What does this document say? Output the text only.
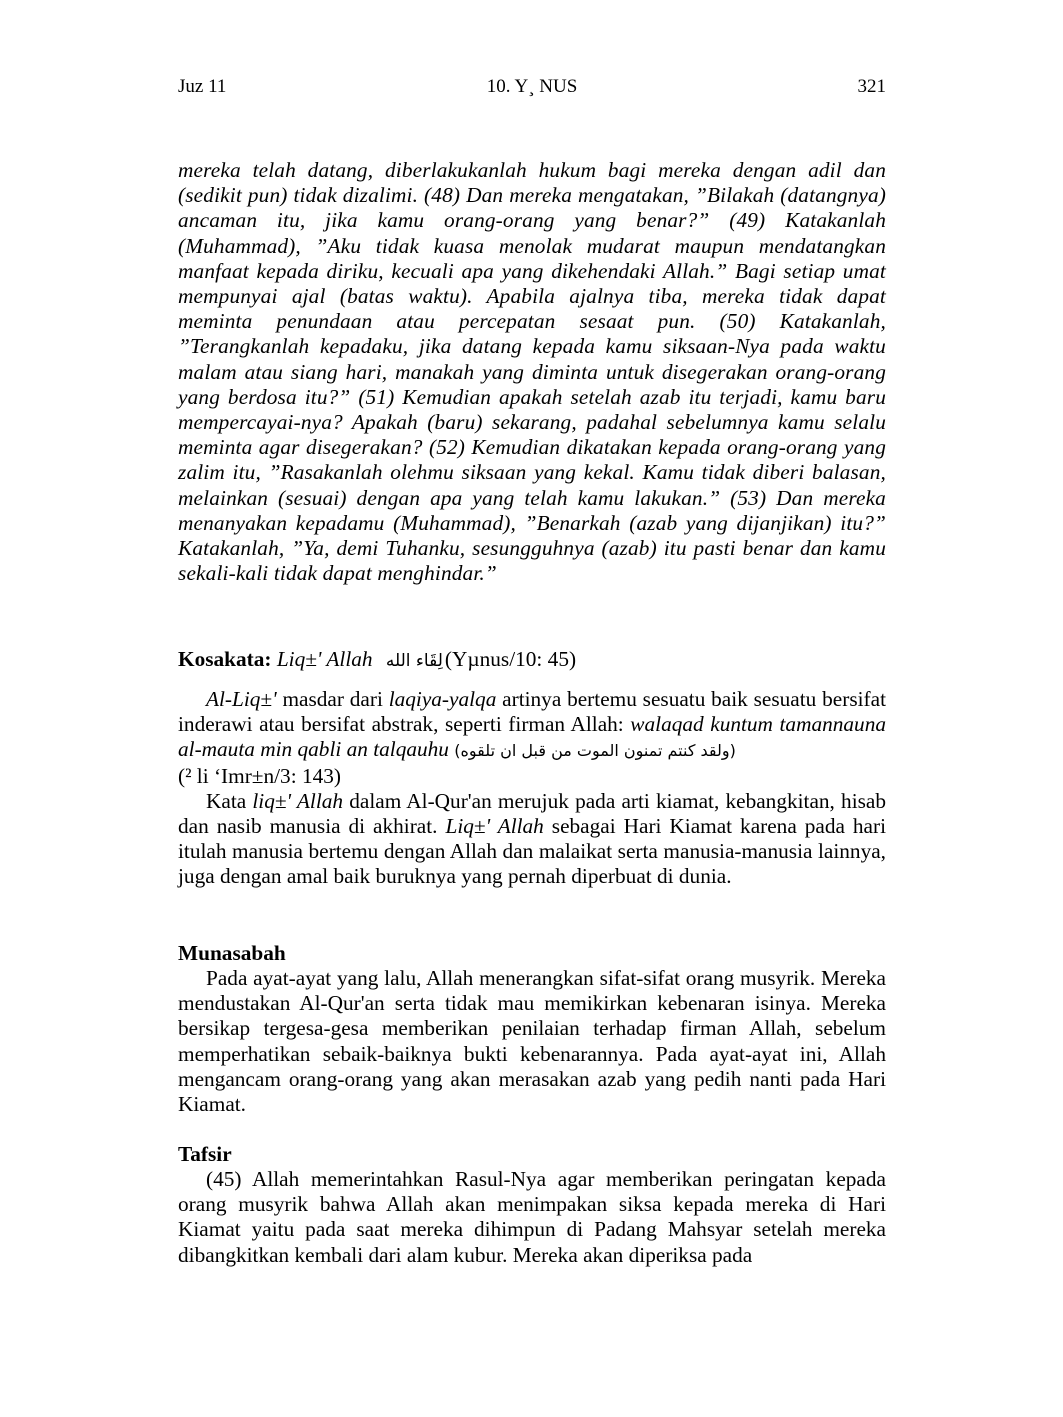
Juz 11	10. Y¸ NUS	321

mereka telah datang, diberlakukanlah hukum bagi mereka dengan adil dan (sedikit pun) tidak dizalimi. (48) Dan mereka mengatakan, ”Bilakah (datangnya) ancaman itu, jika kamu orang-orang yang benar?” (49) Katakanlah (Muhammad), ”Aku tidak kuasa menolak mudarat maupun mendatangkan manfaat kepada diriku, kecuali apa yang dikehendaki Allah.” Bagi setiap umat mempunyai ajal (batas waktu). Apabila ajalnya tiba, mereka tidak dapat meminta penundaan atau percepatan sesaat pun. (50) Katakanlah, ”Terangkanlah kepadaku, jika datang kepada kamu siksaan-Nya pada waktu malam atau siang hari, manakah yang diminta untuk disegerakan orang-orang yang berdosa itu?” (51) Kemudian apakah setelah azab itu terjadi, kamu baru mempercayai-nya? Apakah (baru) sekarang, padahal sebelumnya kamu selalu meminta agar disegerakan? (52) Kemudian dikatakan kepada orang-orang yang zalim itu, ”Rasakanlah olehmu siksaan yang kekal. Kamu tidak diberi balasan, melainkan (sesuai) dengan apa yang telah kamu lakukan.” (53) Dan mereka menanyakan kepadamu (Muhammad), ”Benarkah (azab yang dijanjikan) itu?” Katakanlah, ”Ya, demi Tuhanku, sesungguhnya (azab) itu pasti benar dan kamu sekali-kali tidak dapat menghindar.”

Kosakata: Liq±' Allah لِقَاء الله(Yµnus/10: 45)

Al-Liq±' masdar dari laqiya-yalqa artinya bertemu sesuatu baik sesuatu bersifat inderawi atau bersifat abstrak, seperti firman Allah: walaqad kuntum tamannauna al-mauta min qabli an talqauhu (ولقد كنتم تمنون الموت من قبل ان تلقوه)
(² li ‘Imr±n/3: 143)

Kata liq±' Allah dalam Al-Qur'an merujuk pada arti kiamat, kebangkitan, hisab dan nasib manusia di akhirat. Liq±' Allah sebagai Hari Kiamat karena pada hari itulah manusia bertemu dengan Allah dan malaikat serta manusia-manusia lainnya, juga dengan amal baik buruknya yang pernah diperbuat di dunia.

Munasabah

Pada ayat-ayat yang lalu, Allah menerangkan sifat-sifat orang musyrik. Mereka mendustakan Al-Qur'an serta tidak mau memikirkan kebenaran isinya. Mereka bersikap tergesa-gesa memberikan penilaian terhadap firman Allah, sebelum memperhatikan sebaik-baiknya bukti kebenarannya. Pada ayat-ayat ini, Allah mengancam orang-orang yang akan merasakan azab yang pedih nanti pada Hari Kiamat.

Tafsir

(45) Allah memerintahkan Rasul-Nya agar memberikan peringatan kepada orang musyrik bahwa Allah akan menimpakan siksa kepada mereka di Hari Kiamat yaitu pada saat mereka dihimpun di Padang Mahsyar setelah mereka dibangkitkan kembali dari alam kubur. Mereka akan diperiksa pada
